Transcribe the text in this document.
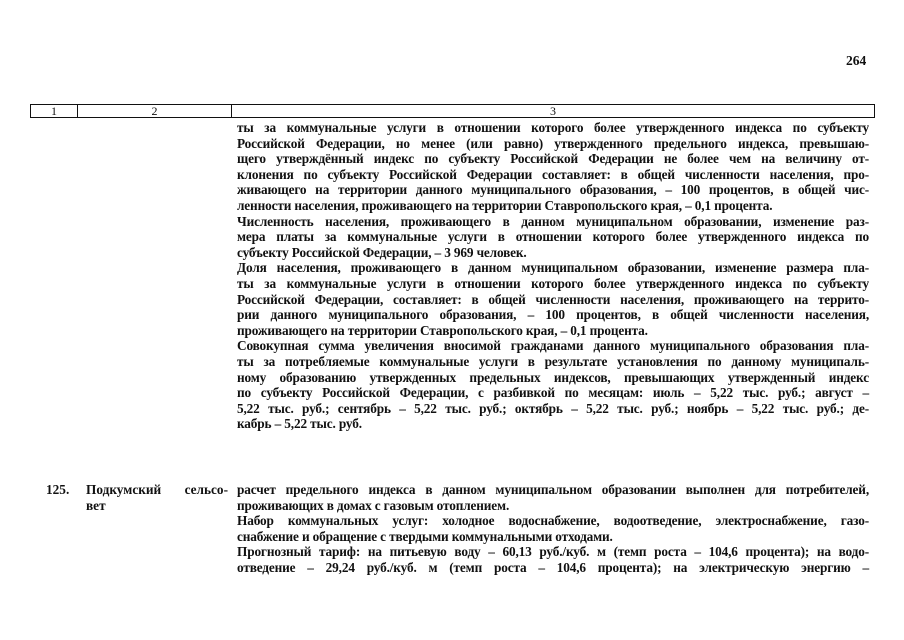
264
1	2	3

ты за коммунальные услуги в отношении которого более утвержденного индекса по субъекту
Российской Федерации, но менее (или равно) утвержденного предельного индекса, превышаю-
щего утверждённый индекс по субъекту Российской Федерации не более чем на величину от-
клонения по субъекту Российской Федерации составляет: в общей численности населения, про-
живающего на территории данного муниципального образования, – 100 процентов, в общей чис-
ленности населения, проживающего на территории Ставропольского края, – 0,1 процента.

Численность населения, проживающего в данном муниципальном образовании, изменение раз-
мера платы за коммунальные услуги в отношении которого более утвержденного индекса по
субъекту Российской Федерации, – 3 969 человек.

Доля населения, проживающего в данном муниципальном образовании, изменение размера пла-
ты за коммунальные услуги в отношении которого более утвержденного индекса по субъекту
Российской Федерации, составляет: в общей численности населения, проживающего на террито-
рии данного муниципального образования, – 100 процентов, в общей численности населения,
проживающего на территории Ставропольского края, – 0,1 процента.

Совокупная сумма увеличения вносимой гражданами данного муниципального образования пла-
ты за потребляемые коммунальные услуги в результате установления по данному муниципаль-
ному образованию утвержденных предельных индексов, превышающих утвержденный индекс
по субъекту Российской Федерации, с разбивкой по месяцам: июль – 5,22 тыс. руб.; август –
5,22 тыс. руб.; сентябрь – 5,22 тыс. руб.; октябрь – 5,22 тыс. руб.; ноябрь – 5,22 тыс. руб.; де-
кабрь – 5,22 тыс. руб.

125. Подкумский сельсо-
вет

расчет предельного индекса в данном муниципальном образовании выполнен для потребителей,
проживающих в домах с газовым отоплением.

Набор коммунальных услуг: холодное водоснабжение, водоотведение, электроснабжение, газо-
снабжение и обращение с твердыми коммунальными отходами.

Прогнозный тариф: на питьевую воду – 60,13 руб./куб. м (темп роста – 104,6 процента); на водо-
отведение – 29,24 руб./куб. м (темп роста – 104,6 процента); на электрическую энергию –
